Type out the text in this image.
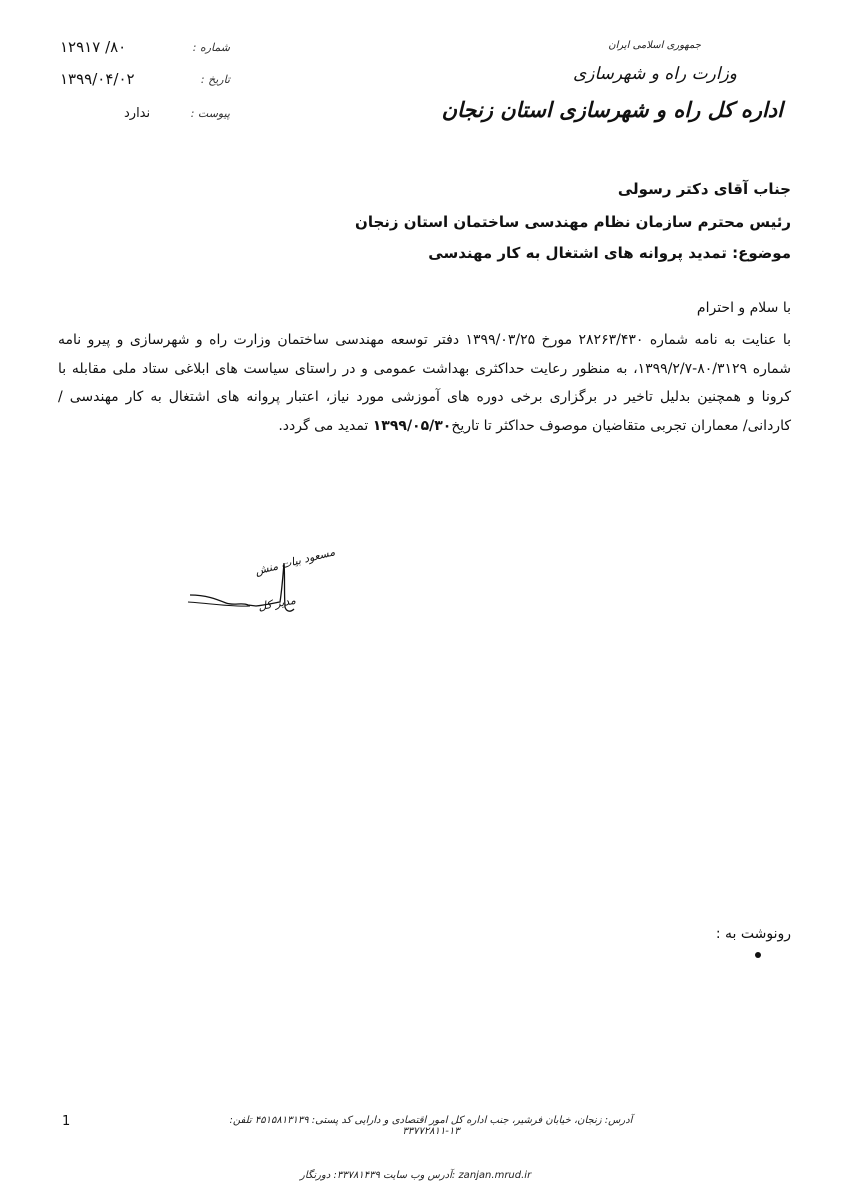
جمهوری اسلامی ایران
وزارت راه و شهرسازی
اداره کل راه و شهرسازی استان زنجان
شماره :
۸۰/ ۱۲۹۱۷
تاریخ :
۱۳۹۹/۰۴/۰۲
پیوست :
ندارد
جناب آقای دکتر رسولی
رئیس محترم سازمان نظام مهندسی ساختمان استان زنجان
موضوع: تمدید پروانه های اشتغال به کار مهندسی
با سلام و احترام
با عنایت به نامه شماره ۲۸۲۶۳/۴۳۰ مورخ ۱۳۹۹/۰۳/۲۵ دفتر توسعه مهندسی ساختمان وزارت راه و شهرسازی و پیرو نامه شماره ۸۰/۳۱۲۹-۱۳۹۹/۲/۷، به منظور رعایت حداکثری بهداشت عمومی و در راستای سیاست های ابلاغی ستاد ملی مقابله با کرونا و همچنین بدلیل تاخیر در برگزاری برخی دوره های آموزشی مورد نیاز، اعتبار پروانه های اشتغال به کار مهندسی / کاردانی/ معماران تجربی متقاضیان موصوف حداکثر تا تاریخ۱۳۹۹/۰۵/۳۰ تمدید می گردد.
مسعود بیات منش
مدیر کل
رونوشت به :
1	آدرس: زنجان، خیابان فرشیر، جنب اداره کل امور اقتصادی و دارایی کد پستی: ۴۵۱۵۸۱۳۱۳۹ تلفن: ۱۳-۳۳۷۷۲۸۱۱
zanjan.mrud.ir :آدرس وب سایت ۳۳۷۸۱۴۳۹: دورنگار
